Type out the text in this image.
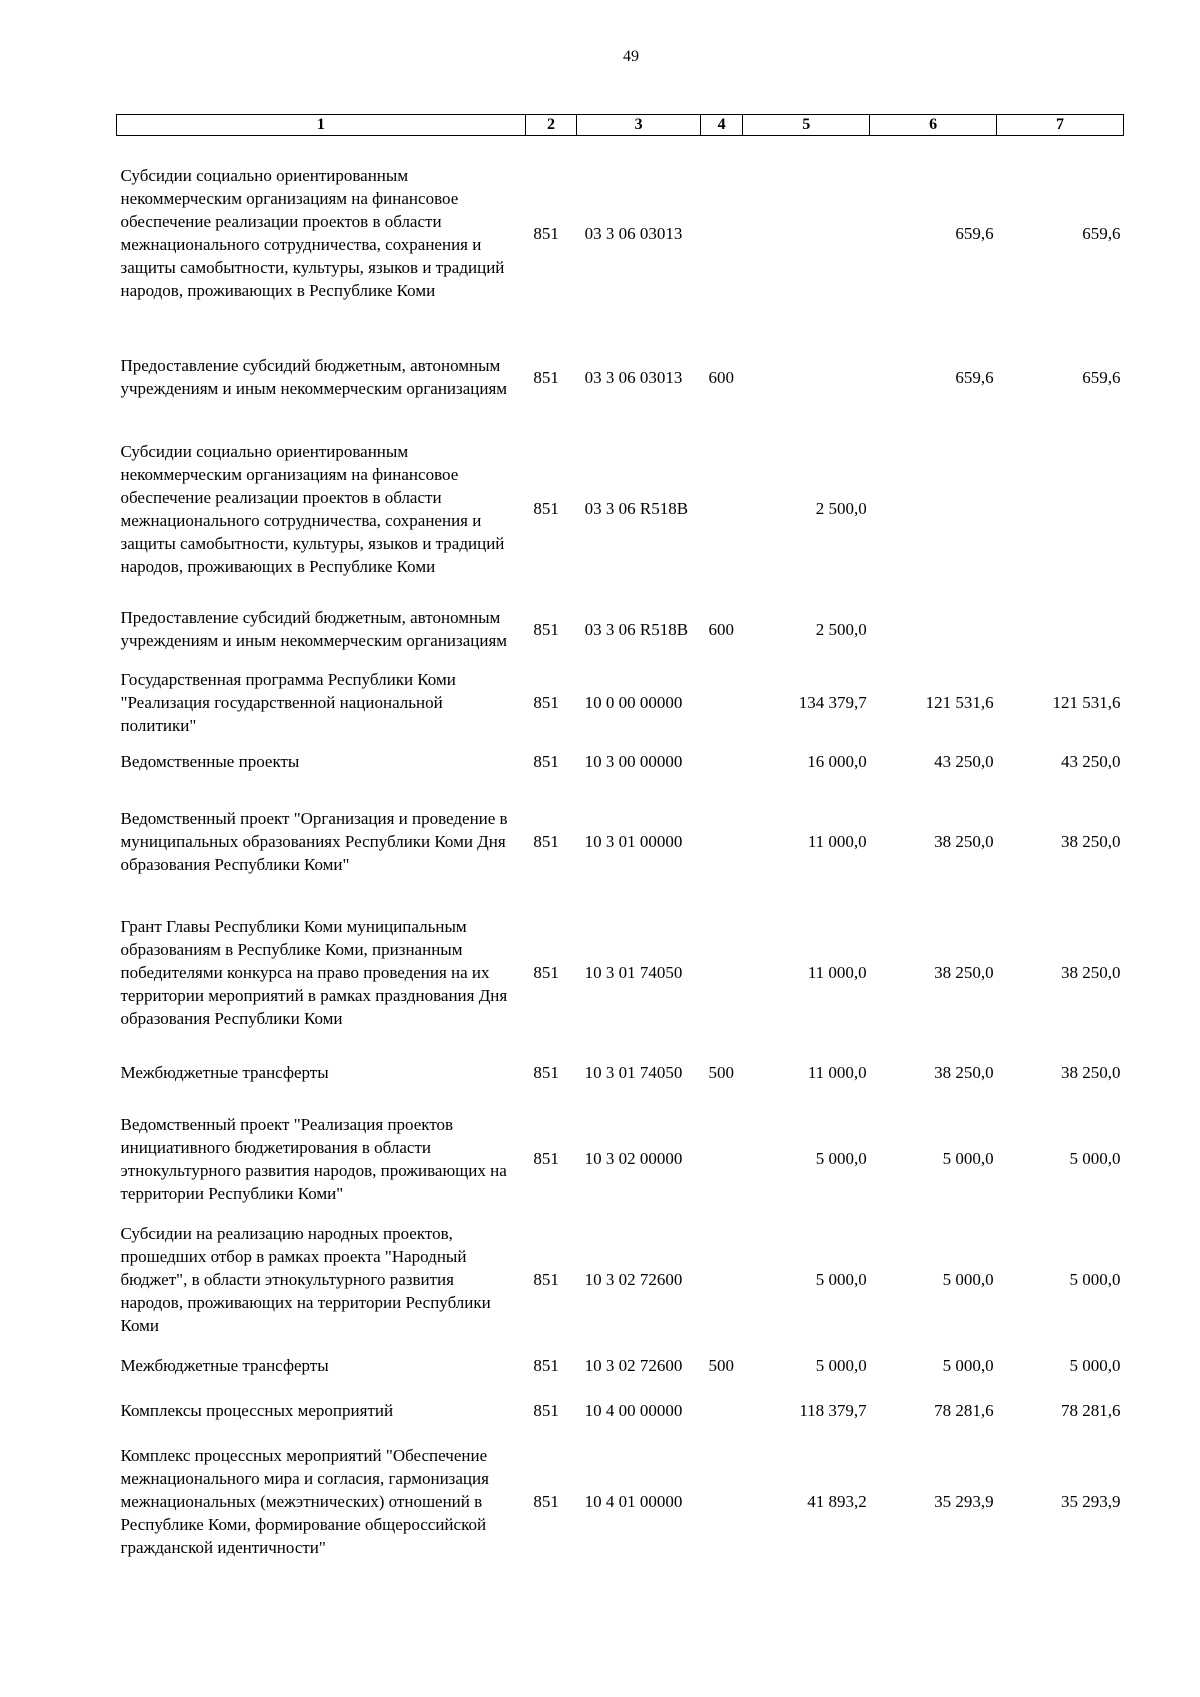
49
1	2	3	4	5	6	7
Субсидии социально ориентированным некоммерческим организациям на финансовое обеспечение реализации проектов в области межнационального сотрудничества, сохранения и защиты самобытности, культуры, языков и традиций народов, проживающих в Республике Коми	851	03 3 06 03013			659,6	659,6
Предоставление субсидий бюджетным, автономным учреждениям и иным некоммерческим организациям	851	03 3 06 03013	600		659,6	659,6
Субсидии социально ориентированным некоммерческим организациям на финансовое обеспечение реализации проектов в области межнационального сотрудничества, сохранения и защиты самобытности, культуры, языков и традиций народов, проживающих в Республике Коми	851	03 3 06 R518B		2 500,0		
Предоставление субсидий бюджетным, автономным учреждениям и иным некоммерческим организациям	851	03 3 06 R518B	600	2 500,0		
Государственная программа Республики Коми "Реализация государственной национальной политики"	851	10 0 00 00000		134 379,7	121 531,6	121 531,6
Ведомственные проекты	851	10 3 00 00000		16 000,0	43 250,0	43 250,0
Ведомственный проект "Организация и проведение в муниципальных образованиях Республики Коми Дня образования Республики Коми"	851	10 3 01 00000		11 000,0	38 250,0	38 250,0
Грант Главы Республики Коми муниципальным образованиям в Республике Коми, признанным победителями конкурса на право проведения на их территории мероприятий в рамках празднования Дня образования Республики Коми	851	10 3 01 74050		11 000,0	38 250,0	38 250,0
Межбюджетные трансферты	851	10 3 01 74050	500	11 000,0	38 250,0	38 250,0
Ведомственный проект "Реализация проектов инициативного бюджетирования в области этнокультурного развития народов, проживающих на территории Республики Коми"	851	10 3 02 00000		5 000,0	5 000,0	5 000,0
Субсидии на реализацию народных проектов, прошедших отбор в рамках проекта "Народный бюджет", в области этнокультурного развития народов, проживающих на территории Республики Коми	851	10 3 02 72600		5 000,0	5 000,0	5 000,0
Межбюджетные трансферты	851	10 3 02 72600	500	5 000,0	5 000,0	5 000,0
Комплексы процессных мероприятий	851	10 4 00 00000		118 379,7	78 281,6	78 281,6
Комплекс процессных мероприятий "Обеспечение межнационального мира и согласия, гармонизация межнациональных (межэтнических) отношений в Республике Коми, формирование общероссийской гражданской идентичности"	851	10 4 01 00000		41 893,2	35 293,9	35 293,9
